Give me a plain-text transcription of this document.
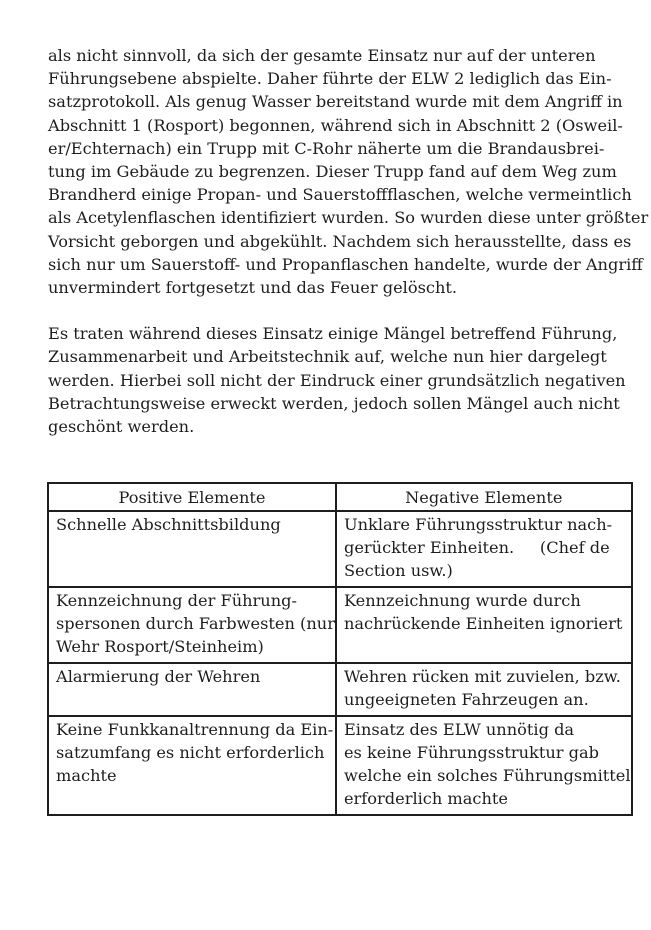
als nicht sinnvoll, da sich der gesamte Einsatz nur auf der unteren
Führungsebene abspielte. Daher führte der ELW 2 lediglich das Ein-
satzprotokoll. Als genug Wasser bereitstand wurde mit dem Angriff in
Abschnitt 1 (Rosport) begonnen, während sich in Abschnitt 2 (Osweil-
er/Echternach) ein Trupp mit C-Rohr näherte um die Brandausbrei-
tung im Gebäude zu begrenzen. Dieser Trupp fand auf dem Weg zum
Brandherd einige Propan- und Sauerstoffflaschen, welche vermeintlich
als Acetylenflaschen identifiziert wurden. So wurden diese unter größter
Vorsicht geborgen und abgekühlt. Nachdem sich herausstellte, dass es
sich nur um Sauerstoff- und Propanflaschen handelte, wurde der Angriff
unvermindert fortgesetzt und das Feuer gelöscht.

Es traten während dieses Einsatz einige Mängel betreffend Führung,
Zusammenarbeit und Arbeitstechnik auf, welche nun hier dargelegt
werden. Hierbei soll nicht der Eindruck einer grundsätzlich negativen
Betrachtungsweise erweckt werden, jedoch sollen Mängel auch nicht
geschönt werden.

Positive Elemente	Negative Elemente

Schnelle Abschnittsbildung	Unklare Führungsstruktur nach-
gerückter Einheiten.     (Chef de
Section usw.)

Kennzeichnung der Führung-
spersonen durch Farbwesten (nur
Wehr Rosport/Steinheim)	Kennzeichnung wurde durch
nachrückende Einheiten ignoriert

Alarmierung der Wehren	Wehren rücken mit zuvielen, bzw.
ungeeigneten Fahrzeugen an.

Keine Funkkanaltrennung da Ein-
satzumfang es nicht erforderlich
machte	Einsatz des ELW unnötig da
es keine Führungsstruktur gab
welche ein solches Führungsmittel
erforderlich machte
